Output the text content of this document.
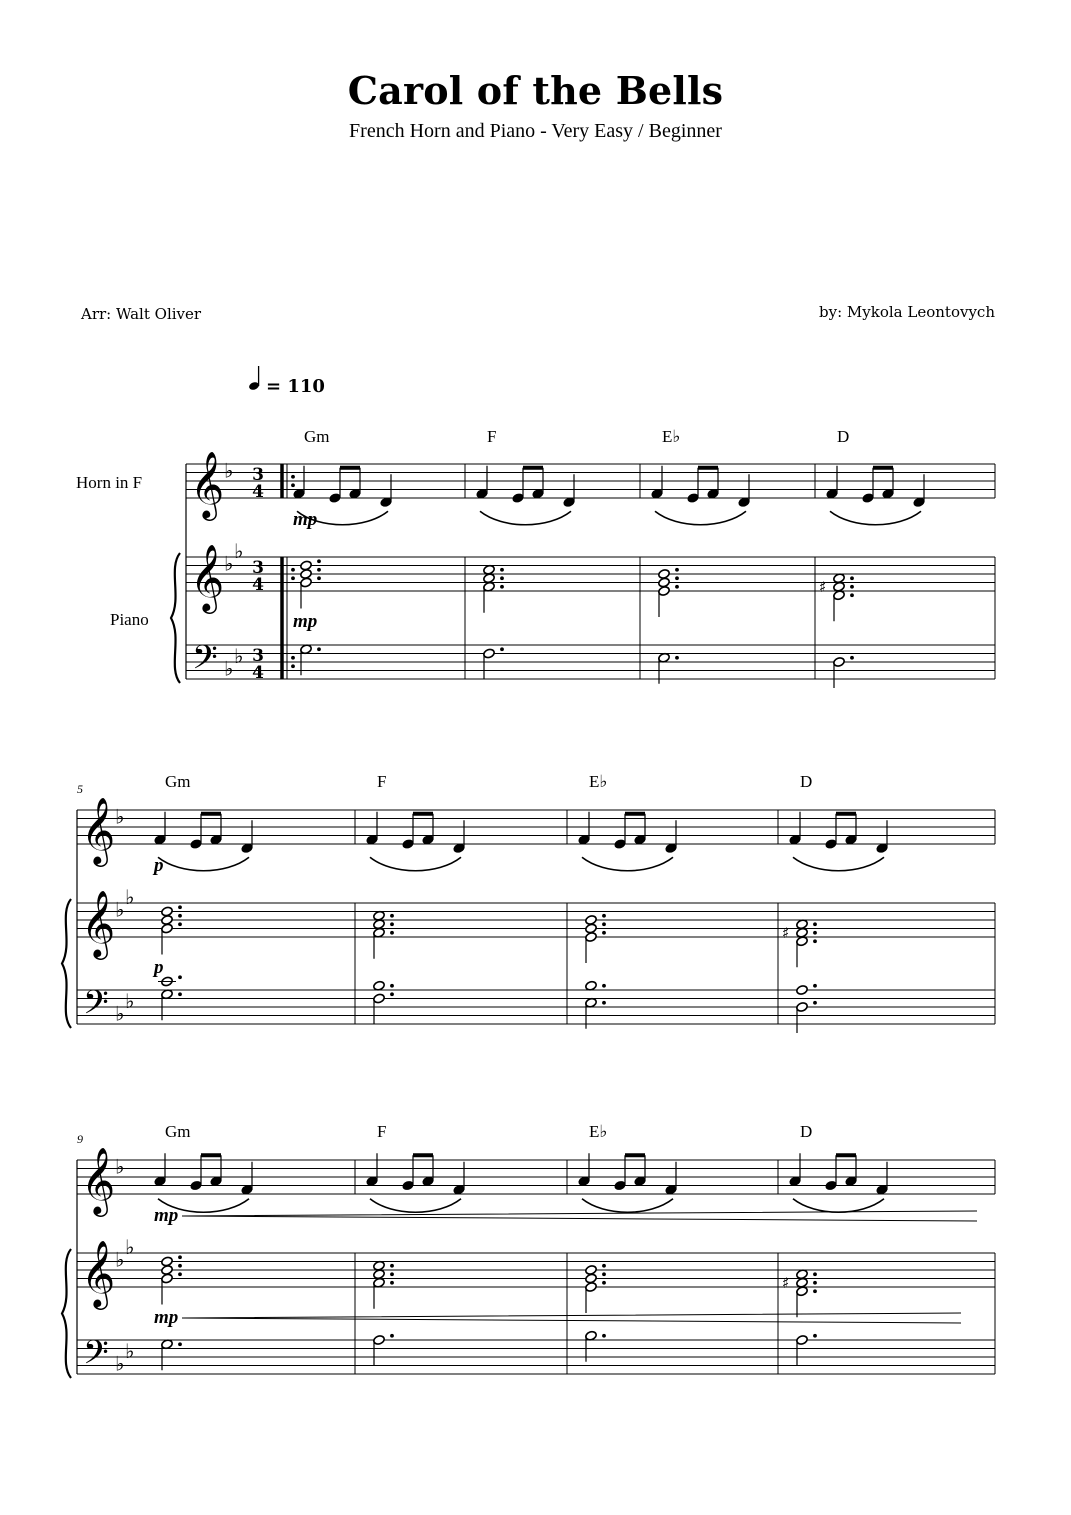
Carol of the Bells
French Horn and Piano - Very Easy / Beginner
Arr: Walt Oliver	by: Mykola Leontovych
𝄞 ♭
𝄞 ♭
♭
𝄢 ♭
♭
3
4
3
4
3
4
= 110
Horn in F
Piano
Gm	F	E♭	D
♯
mp
mp
𝄞 ♭
𝄞 ♭
♭
𝄢 ♭
♭
5	Gm	F	E♭	D
♯
p
p
𝄞 ♭
𝄞 ♭
♭
𝄢 ♭
♭
9	Gm	F	E♭	D
♯
mp
mp
